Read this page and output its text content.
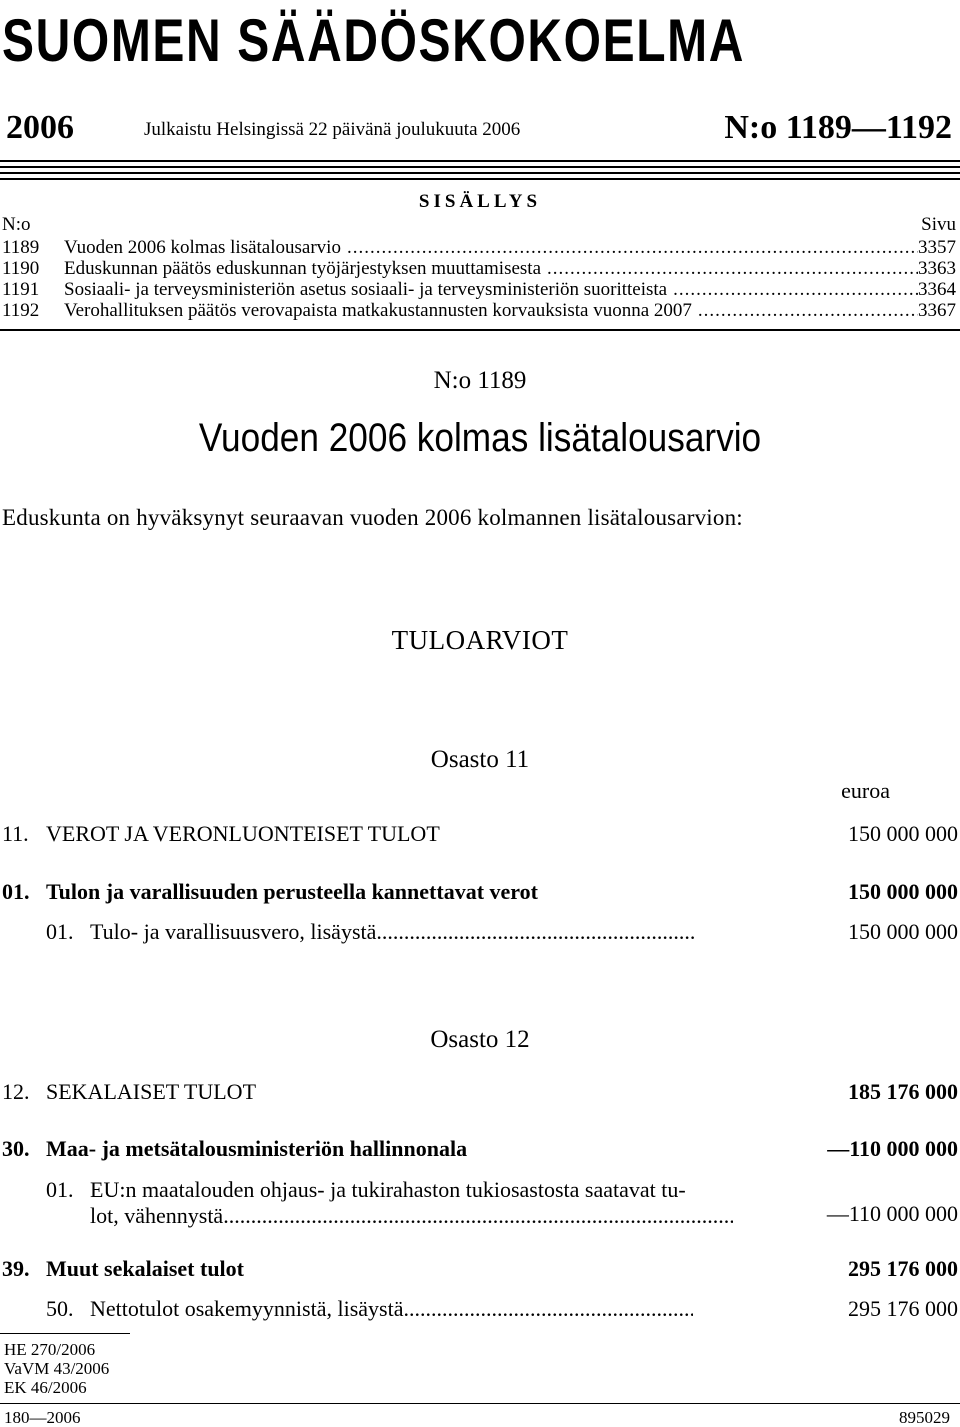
SUOMEN SÄÄDÖSKOKOELMA
2006	Julkaistu Helsingissä 22 päivänä joulukuuta 2006	N:o 1189—1192
SISÄLLYS
N:o	Sivu
1189	Vuoden 2006 kolmas lisätalousarvio .....	3357
1190	Eduskunnan päätös eduskunnan työjärjestyksen muuttamisesta .....	3363
1191	Sosiaali- ja terveysministeriön asetus sosiaali- ja terveysministeriön suoritteista .....	3364
1192	Verohallituksen päätös verovapaista matkakustannusten korvauksista vuonna 2007 .....	3367
N:o 1189
Vuoden 2006 kolmas lisätalousarvio
Eduskunta on hyväksynyt seuraavan vuoden 2006 kolmannen lisätalousarvion:
TULOARVIOT
Osasto 11
euroa
11. VEROT JA VERONLUONTEISET TULOT	150 000 000
01. Tulon ja varallisuuden perusteella kannettavat verot	150 000 000
01. Tulo- ja varallisuusvero, lisäystä .....	150 000 000
Osasto 12
12. SEKALAISET TULOT	185 176 000
30. Maa- ja metsätalousministeriön hallinnonala	—110 000 000
01. EU:n maatalouden ohjaus- ja tukirahaston tukiosastosta saatavat tu-
lot, vähennystä .....	—110 000 000
39. Muut sekalaiset tulot	295 176 000
50. Nettotulot osakemyynnistä, lisäystä .....	295 176 000
HE 270/2006
VaVM 43/2006
EK 46/2006
180—2006	895029
